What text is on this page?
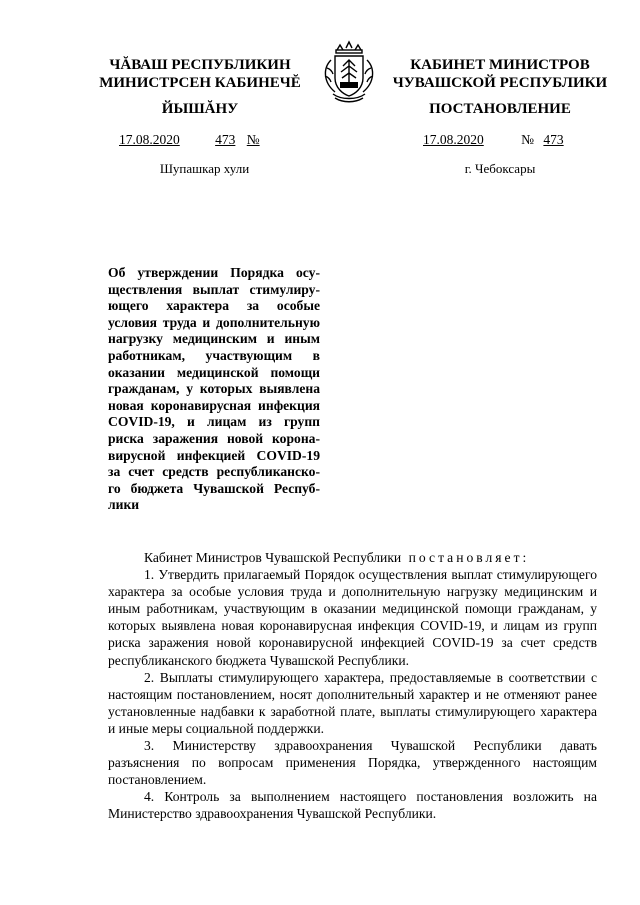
ЧĂВАШ РЕСПУБЛИКИН
МИНИСТРСЕН КАБИНЕЧĔ
ЙЫШĂНУ
КАБИНЕТ МИНИСТРОВ
ЧУВАШСКОЙ РЕСПУБЛИКИ
ПОСТАНОВЛЕНИЕ
17.08.2020	473 №
Шупашкар хули
17.08.2020	№ 473
г. Чебоксары
Об утверждении Порядка осу-
ществления выплат стимулиру-
ющего характера за особые
условия труда и дополнительную
нагрузку медицинским и иным
работникам, участвующим в
оказании медицинской помощи
гражданам, у которых выявлена
новая коронавирусная инфекция
COVID-19, и лицам из групп
риска заражения новой корона-
вирусной инфекцией COVID-19
за счет средств республиканско-
го бюджета Чувашской Респуб-
лики

Кабинет Министров Чувашской Республики постановляет:

1. Утвердить прилагаемый Порядок осуществления выплат стимулирующего характера за особые условия труда и дополнительную нагрузку медицинским и иным работникам, участвующим в оказании медицинской помощи гражданам, у которых выявлена новая коронавирусная инфекция COVID-19, и лицам из групп риска заражения новой коронавирусной инфекцией COVID-19 за счет средств республиканского бюджета Чувашской Республики.

2. Выплаты стимулирующего характера, предоставляемые в соответствии с настоящим постановлением, носят дополнительный характер и не отменяют ранее установленные надбавки к заработной плате, выплаты стимулирующего характера и иные меры социальной поддержки.

3. Министерству здравоохранения Чувашской Республики давать разъяснения по вопросам применения Порядка, утвержденного настоящим постановлением.

4. Контроль за выполнением настоящего постановления возложить на Министерство здравоохранения Чувашской Республики.
